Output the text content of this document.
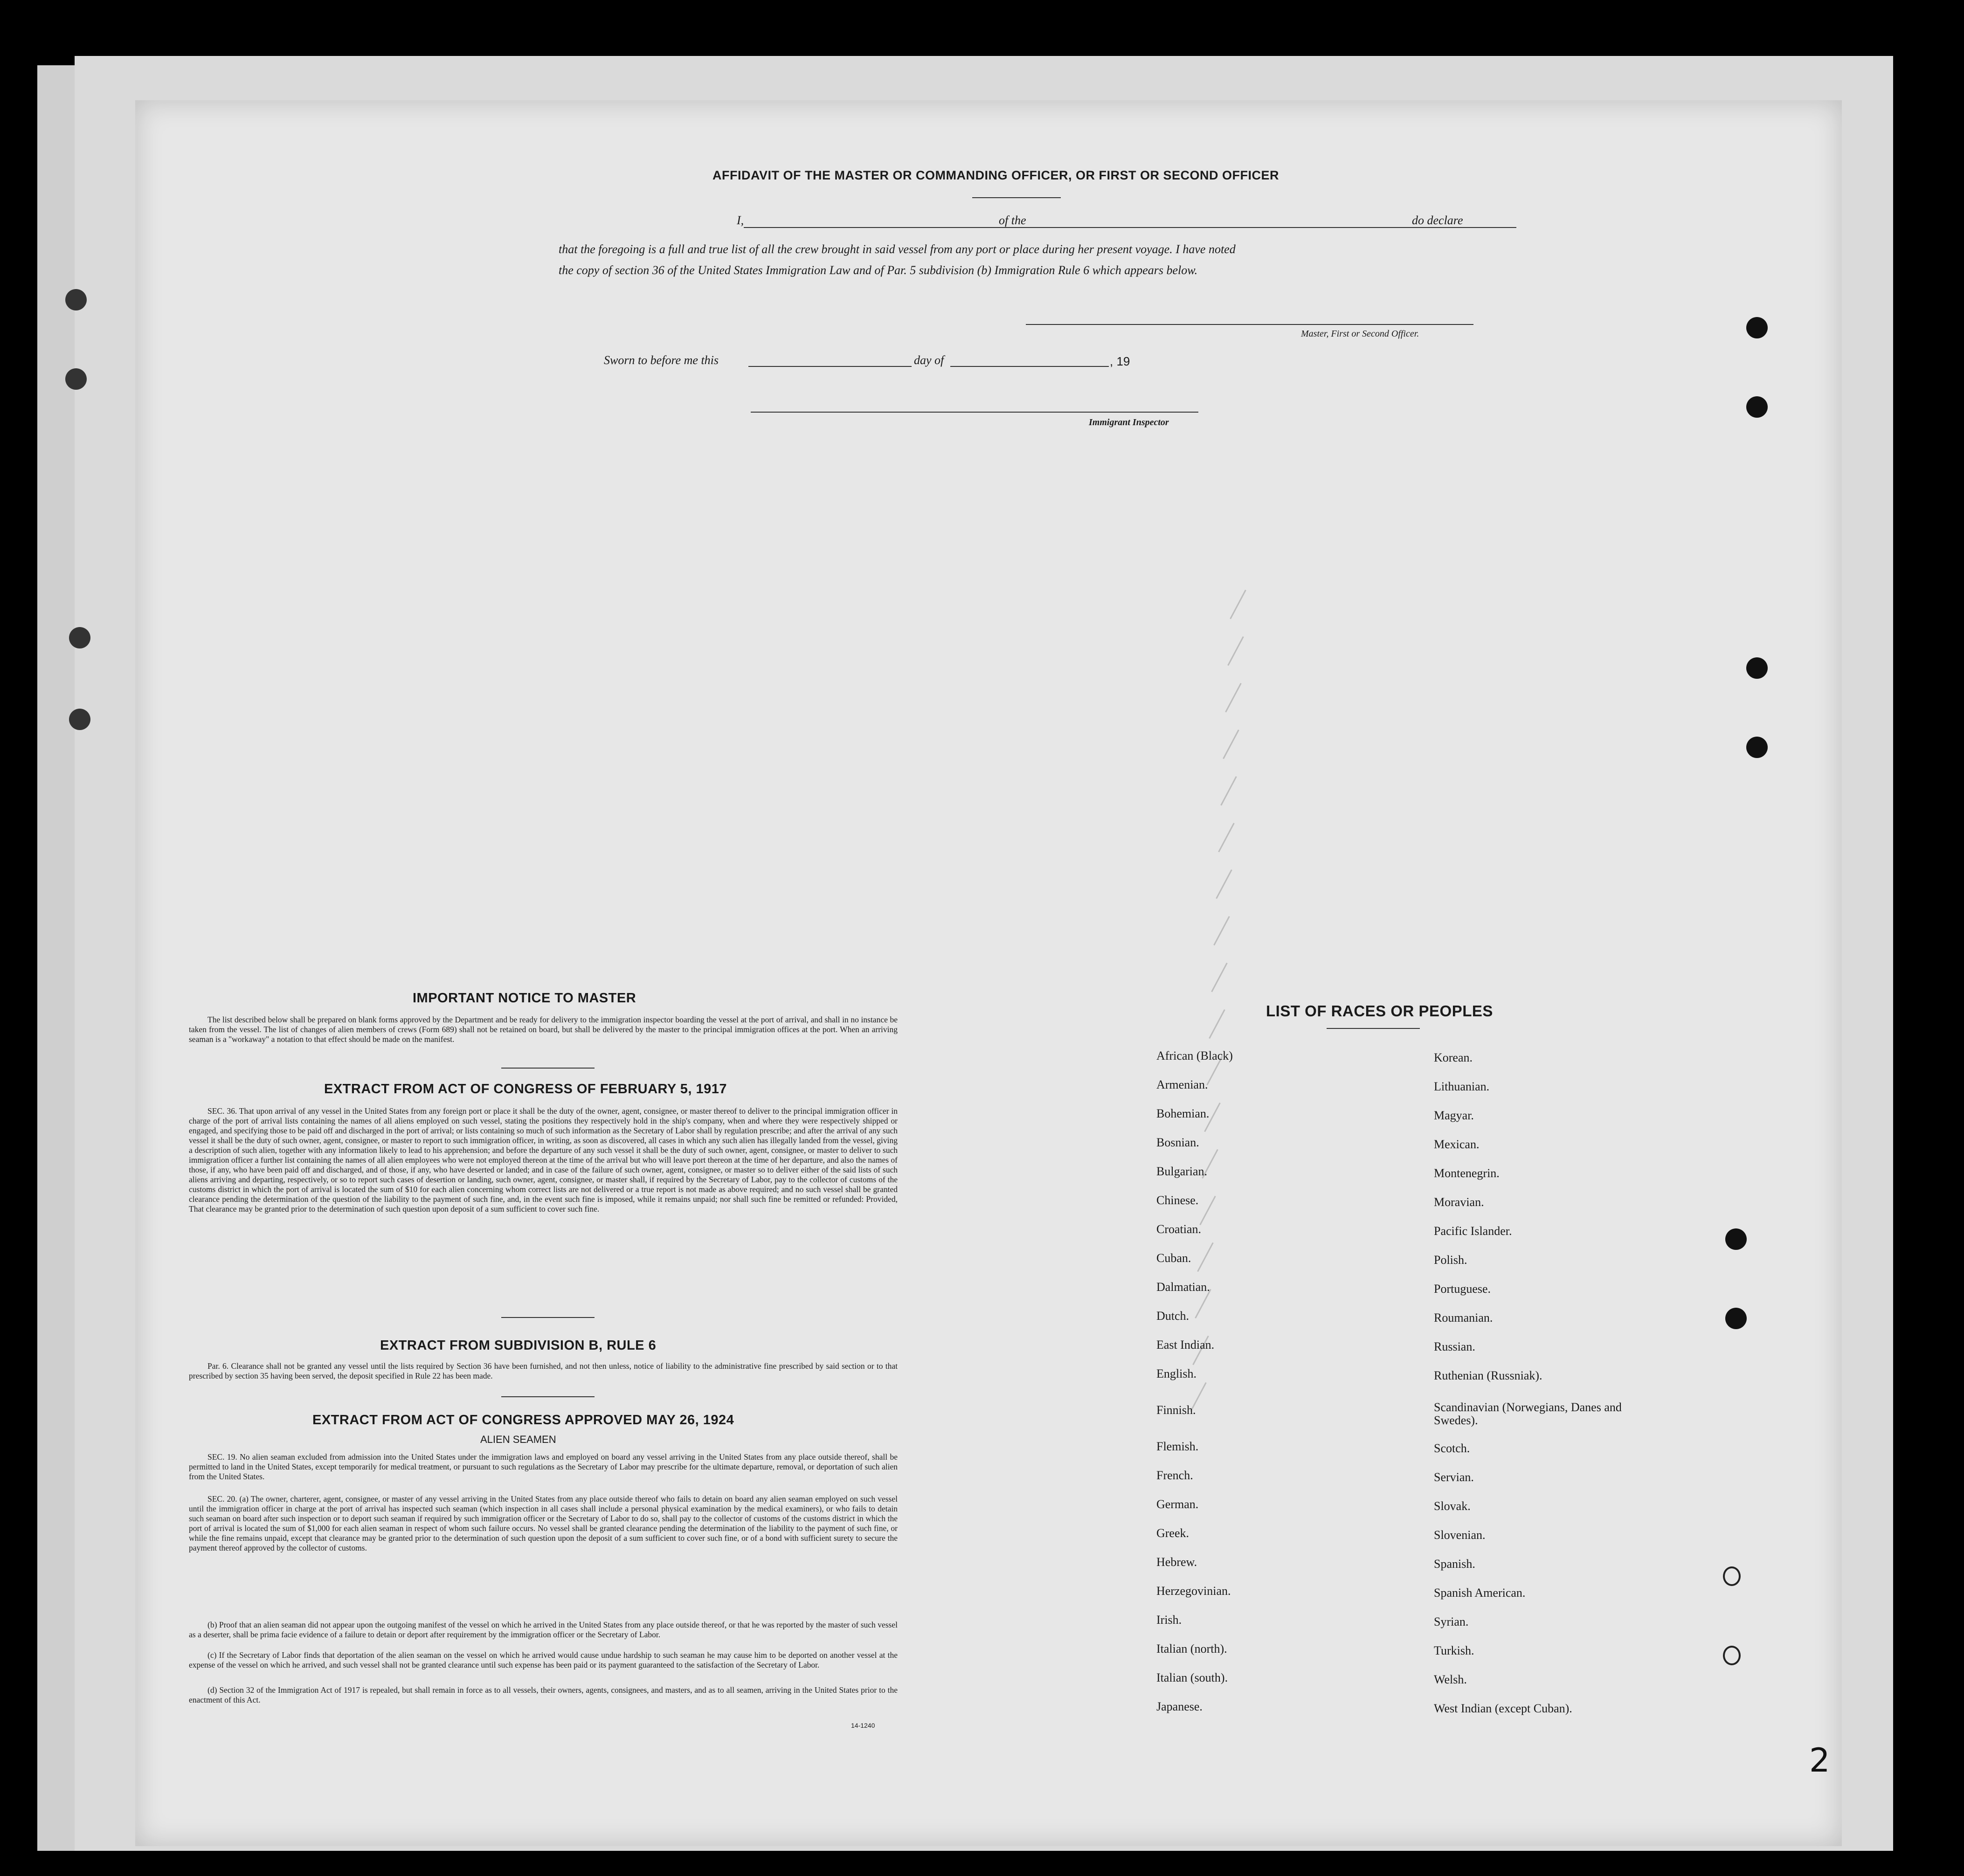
AFFIDAVIT OF THE MASTER OR COMMANDING OFFICER, OR FIRST OR SECOND OFFICER
I,	of the	do declare
that the foregoing is a full and true list of all the crew brought in said vessel from any port or place during her present voyage. I have noted
the copy of section 36 of the United States Immigration Law and of Par. 5 subdivision (b) Immigration Rule 6 which appears below.
Master, First or Second Officer.
Sworn to before me this	day of	, 19
Immigrant Inspector
IMPORTANT NOTICE TO MASTER
The list described below shall be prepared on blank forms approved by the Department and be ready for delivery to the immigration inspector boarding the vessel at the port of arrival, and shall in no instance be taken from the vessel. The list of changes of alien members of crews (Form 689) shall not be retained on board, but shall be delivered by the master to the principal immigration offices at the port. When an arriving seaman is a "workaway" a notation to that effect should be made on the manifest.
EXTRACT FROM ACT OF CONGRESS OF FEBRUARY 5, 1917
SEC. 36. That upon arrival of any vessel in the United States from any foreign port or place it shall be the duty of the owner, agent, consignee, or master thereof to deliver to the principal immigration officer in charge of the port of arrival lists containing the names of all aliens employed on such vessel, stating the positions they respectively hold in the ship's company, when and where they were respectively shipped or engaged, and specifying those to be paid off and discharged in the port of arrival; or lists containing so much of such information as the Secretary of Labor shall by regulation prescribe; and after the arrival of any such vessel it shall be the duty of such owner, agent, consignee, or master to report to such immigration officer, in writing, as soon as discovered, all cases in which any such alien has illegally landed from the vessel, giving a description of such alien, together with any information likely to lead to his apprehension; and before the departure of any such vessel it shall be the duty of such owner, agent, consignee, or master to deliver to such immigration officer a further list containing the names of all alien employees who were not employed thereon at the time of the arrival but who will leave port thereon at the time of her departure, and also the names of those, if any, who have been paid off and discharged, and of those, if any, who have deserted or landed; and in case of the failure of such owner, agent, consignee, or master so to deliver either of the said lists of such aliens arriving and departing, respectively, or so to report such cases of desertion or landing, such owner, agent, consignee, or master shall, if required by the Secretary of Labor, pay to the collector of customs of the customs district in which the port of arrival is located the sum of $10 for each alien concerning whom correct lists are not delivered or a true report is not made as above required; and no such vessel shall be granted clearance pending the determination of the question of the liability to the payment of such fine, and, in the event such fine is imposed, while it remains unpaid; nor shall such fine be remitted or refunded: Provided, That clearance may be granted prior to the determination of such question upon deposit of a sum sufficient to cover such fine.
EXTRACT FROM SUBDIVISION B, RULE 6
Par. 6. Clearance shall not be granted any vessel until the lists required by Section 36 have been furnished, and not then unless, notice of liability to the administrative fine prescribed by said section or to that prescribed by section 35 having been served, the deposit specified in Rule 22 has been made.
EXTRACT FROM ACT OF CONGRESS APPROVED MAY 26, 1924
ALIEN SEAMEN
SEC. 19. No alien seaman excluded from admission into the United States under the immigration laws and employed on board any vessel arriving in the United States from any place outside thereof, shall be permitted to land in the United States, except temporarily for medical treatment, or pursuant to such regulations as the Secretary of Labor may prescribe for the ultimate departure, removal, or deportation of such alien from the United States.
SEC. 20. (a) The owner, charterer, agent, consignee, or master of any vessel arriving in the United States from any place outside thereof who fails to detain on board any alien seaman employed on such vessel until the immigration officer in charge at the port of arrival has inspected such seaman (which inspection in all cases shall include a personal physical examination by the medical examiners), or who fails to detain such seaman on board after such inspection or to deport such seaman if required by such immigration officer or the Secretary of Labor to do so, shall pay to the collector of customs of the customs district in which the port of arrival is located the sum of $1,000 for each alien seaman in respect of whom such failure occurs. No vessel shall be granted clearance pending the determination of the liability to the payment of such fine, or while the fine remains unpaid, except that clearance may be granted prior to the determination of such question upon the deposit of a sum sufficient to cover such fine, or of a bond with sufficient surety to secure the payment thereof approved by the collector of customs.
(b) Proof that an alien seaman did not appear upon the outgoing manifest of the vessel on which he arrived in the United States from any place outside thereof, or that he was reported by the master of such vessel as a deserter, shall be prima facie evidence of a failure to detain or deport after requirement by the immigration officer or the Secretary of Labor.
(c) If the Secretary of Labor finds that deportation of the alien seaman on the vessel on which he arrived would cause undue hardship to such seaman he may cause him to be deported on another vessel at the expense of the vessel on which he arrived, and such vessel shall not be granted clearance until such expense has been paid or its payment guaranteed to the satisfaction of the Secretary of Labor.
(d) Section 32 of the Immigration Act of 1917 is repealed, but shall remain in force as to all vessels, their owners, agents, consignees, and masters, and as to all seamen, arriving in the United States prior to the enactment of this Act.
14-1240
LIST OF RACES OR PEOPLES
African (Black)
Armenian.
Bohemian.
Bosnian.
Bulgarian.
Chinese.
Croatian.
Cuban.
Dalmatian.
Dutch.
East Indian.
English.
Finnish.
Flemish.
French.
German.
Greek.
Hebrew.
Herzegovinian.
Irish.
Italian (north).
Italian (south).
Japanese.
Korean.
Lithuanian.
Magyar.
Mexican.
Montenegrin.
Moravian.
Pacific Islander.
Polish.
Portuguese.
Roumanian.
Russian.
Ruthenian (Russniak).
Scandinavian (Norwegians, Danes and Swedes).
Scotch.
Servian.
Slovak.
Slovenian.
Spanish.
Spanish American.
Syrian.
Turkish.
Welsh.
West Indian (except Cuban).
2
